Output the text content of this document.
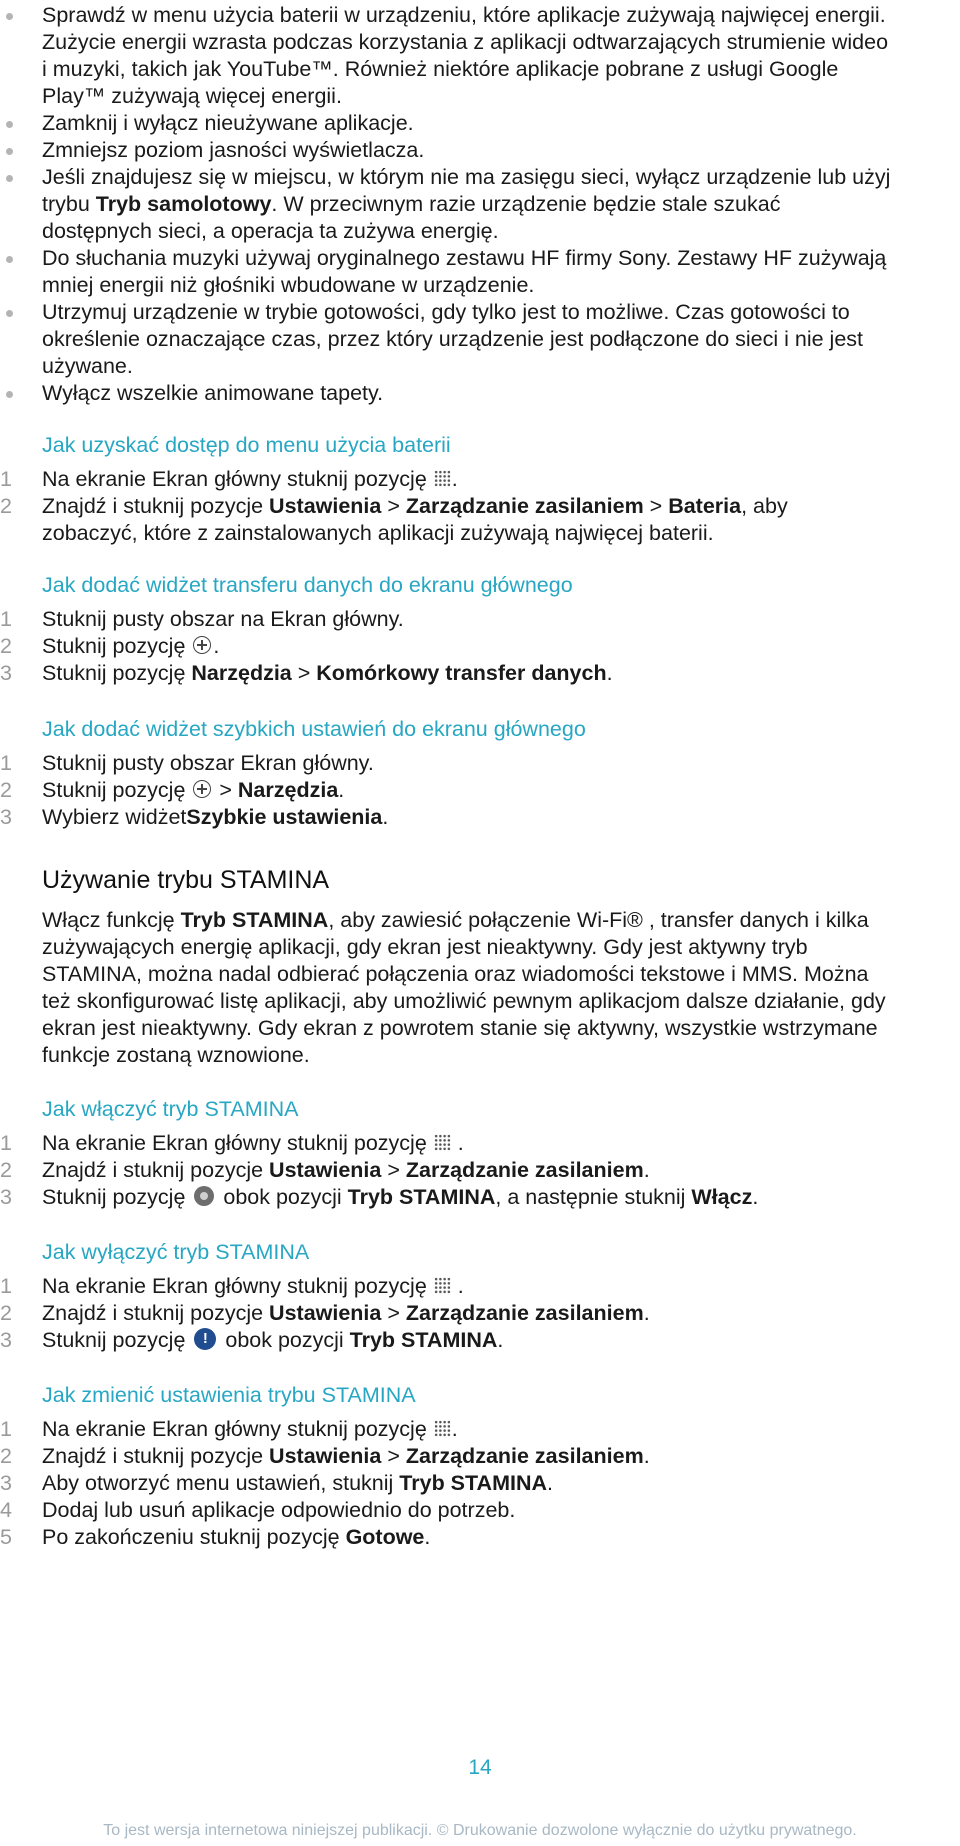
Sprawdź w menu użycia baterii w urządzeniu, które aplikacje zużywają najwięcej energii.
Zużycie energii wzrasta podczas korzystania z aplikacji odtwarzających strumienie wideo
i muzyki, takich jak YouTube™. Również niektóre aplikacje pobrane z usługi Google
Play™ zużywają więcej energii.
Zamknij i wyłącz nieużywane aplikacje.
Zmniejsz poziom jasności wyświetlacza.
Jeśli znajdujesz się w miejscu, w którym nie ma zasięgu sieci, wyłącz urządzenie lub użyj
trybu Tryb samolotowy. W przeciwnym razie urządzenie będzie stale szukać
dostępnych sieci, a operacja ta zużywa energię.
Do słuchania muzyki używaj oryginalnego zestawu HF firmy Sony. Zestawy HF zużywają
mniej energii niż głośniki wbudowane w urządzenie.
Utrzymuj urządzenie w trybie gotowości, gdy tylko jest to możliwe. Czas gotowości to
określenie oznaczające czas, przez który urządzenie jest podłączone do sieci i nie jest
używane.
Wyłącz wszelkie animowane tapety.
Jak uzyskać dostęp do menu użycia baterii
1	Na ekranie Ekran główny stuknij pozycję .
2	Znajdź i stuknij pozycje Ustawienia > Zarządzanie zasilaniem > Bateria, aby
zobaczyć, które z zainstalowanych aplikacji zużywają najwięcej baterii.
Jak dodać widżet transferu danych do ekranu głównego
1	Stuknij pusty obszar na Ekran główny.
2	Stuknij pozycję .
3	Stuknij pozycję Narzędzia > Komórkowy transfer danych.
Jak dodać widżet szybkich ustawień do ekranu głównego
1	Stuknij pusty obszar Ekran główny.
2	Stuknij pozycję  > Narzędzia.
3	Wybierz widżetSzybkie ustawienia.
Używanie trybu STAMINA
Włącz funkcję Tryb STAMINA, aby zawiesić połączenie Wi-Fi® , transfer danych i kilka
zużywających energię aplikacji, gdy ekran jest nieaktywny. Gdy jest aktywny tryb
STAMINA, można nadal odbierać połączenia oraz wiadomości tekstowe i MMS. Można
też skonfigurować listę aplikacji, aby umożliwić pewnym aplikacjom dalsze działanie, gdy
ekran jest nieaktywny. Gdy ekran z powrotem stanie się aktywny, wszystkie wstrzymane
funkcje zostaną wznowione.
Jak włączyć tryb STAMINA
1	Na ekranie Ekran główny stuknij pozycję  .
2	Znajdź i stuknij pozycje Ustawienia > Zarządzanie zasilaniem.
3	Stuknij pozycję  obok pozycji Tryb STAMINA, a następnie stuknij Włącz.
Jak wyłączyć tryb STAMINA
1	Na ekranie Ekran główny stuknij pozycję  .
2	Znajdź i stuknij pozycje Ustawienia > Zarządzanie zasilaniem.
3	Stuknij pozycję ! obok pozycji Tryb STAMINA.
Jak zmienić ustawienia trybu STAMINA
1	Na ekranie Ekran główny stuknij pozycję .
2	Znajdź i stuknij pozycje Ustawienia > Zarządzanie zasilaniem.
3	Aby otworzyć menu ustawień, stuknij Tryb STAMINA.
4	Dodaj lub usuń aplikacje odpowiednio do potrzeb.
5	Po zakończeniu stuknij pozycję Gotowe.
14
To jest wersja internetowa niniejszej publikacji. © Drukowanie dozwolone wyłącznie do użytku prywatnego.
